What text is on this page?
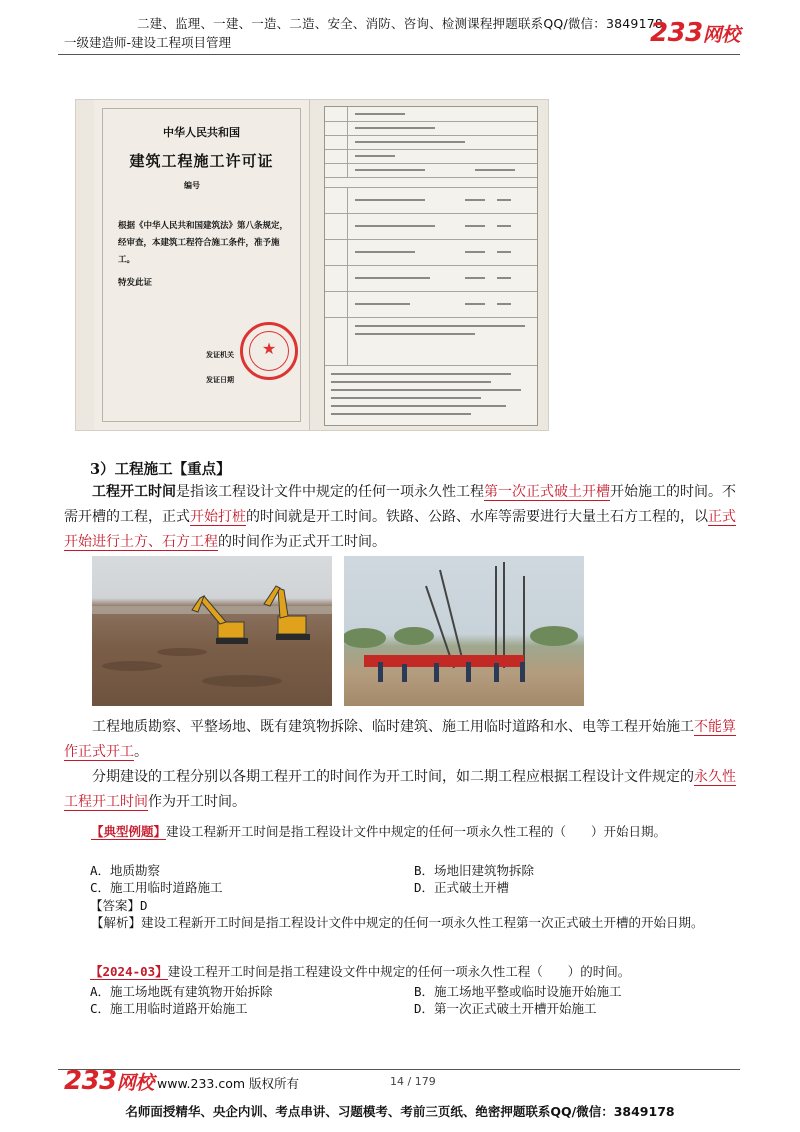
二建、监理、一建、一造、二造、安全、消防、咨询、检测课程押题联系QQ/微信：3849178
一级建造师-建设工程项目管理	233网校
中华人民共和国
建筑工程施工许可证
编号
根据《中华人民共和国建筑法》第八条规定，经审查，本建筑工程符合施工条件，准予施工。
特发此证
发证机关
发证日期
★
3）工程施工【重点】
工程开工时间是指该工程设计文件中规定的任何一项永久性工程第一次正式破土开槽开始施工的时间。不需开槽的工程，正式开始打桩的时间就是开工时间。铁路、公路、水库等需要进行大量土石方工程的，以正式开始进行土方、石方工程的时间作为正式开工时间。
工程地质勘察、平整场地、既有建筑物拆除、临时建筑、施工用临时道路和水、电等工程开始施工不能算作正式开工。
分期建设的工程分别以各期工程开工的时间作为开工时间，如二期工程应根据工程设计文件规定的永久性工程开工时间作为开工时间。
【典型例题】建设工程新开工时间是指工程设计文件中规定的任何一项永久性工程的（　　）开始日期。
A．地质勘察	B．场地旧建筑物拆除
C．施工用临时道路施工	D．正式破土开槽
【答案】D
【解析】建设工程新开工时间是指工程设计文件中规定的任何一项永久性工程第一次正式破土开槽的开始日期。
【2024-03】建设工程开工时间是指工程建设文件中规定的任何一项永久性工程（　　）的时间。
A．施工场地既有建筑物开始拆除	B．施工场地平整或临时设施开始施工
C．施工用临时道路开始施工	D．第一次正式破土开槽开始施工
233网校 www.233.com 版权所有	14 / 179
名师面授精华、央企内训、考点串讲、习题模考、考前三页纸、绝密押题联系QQ/微信：3849178
